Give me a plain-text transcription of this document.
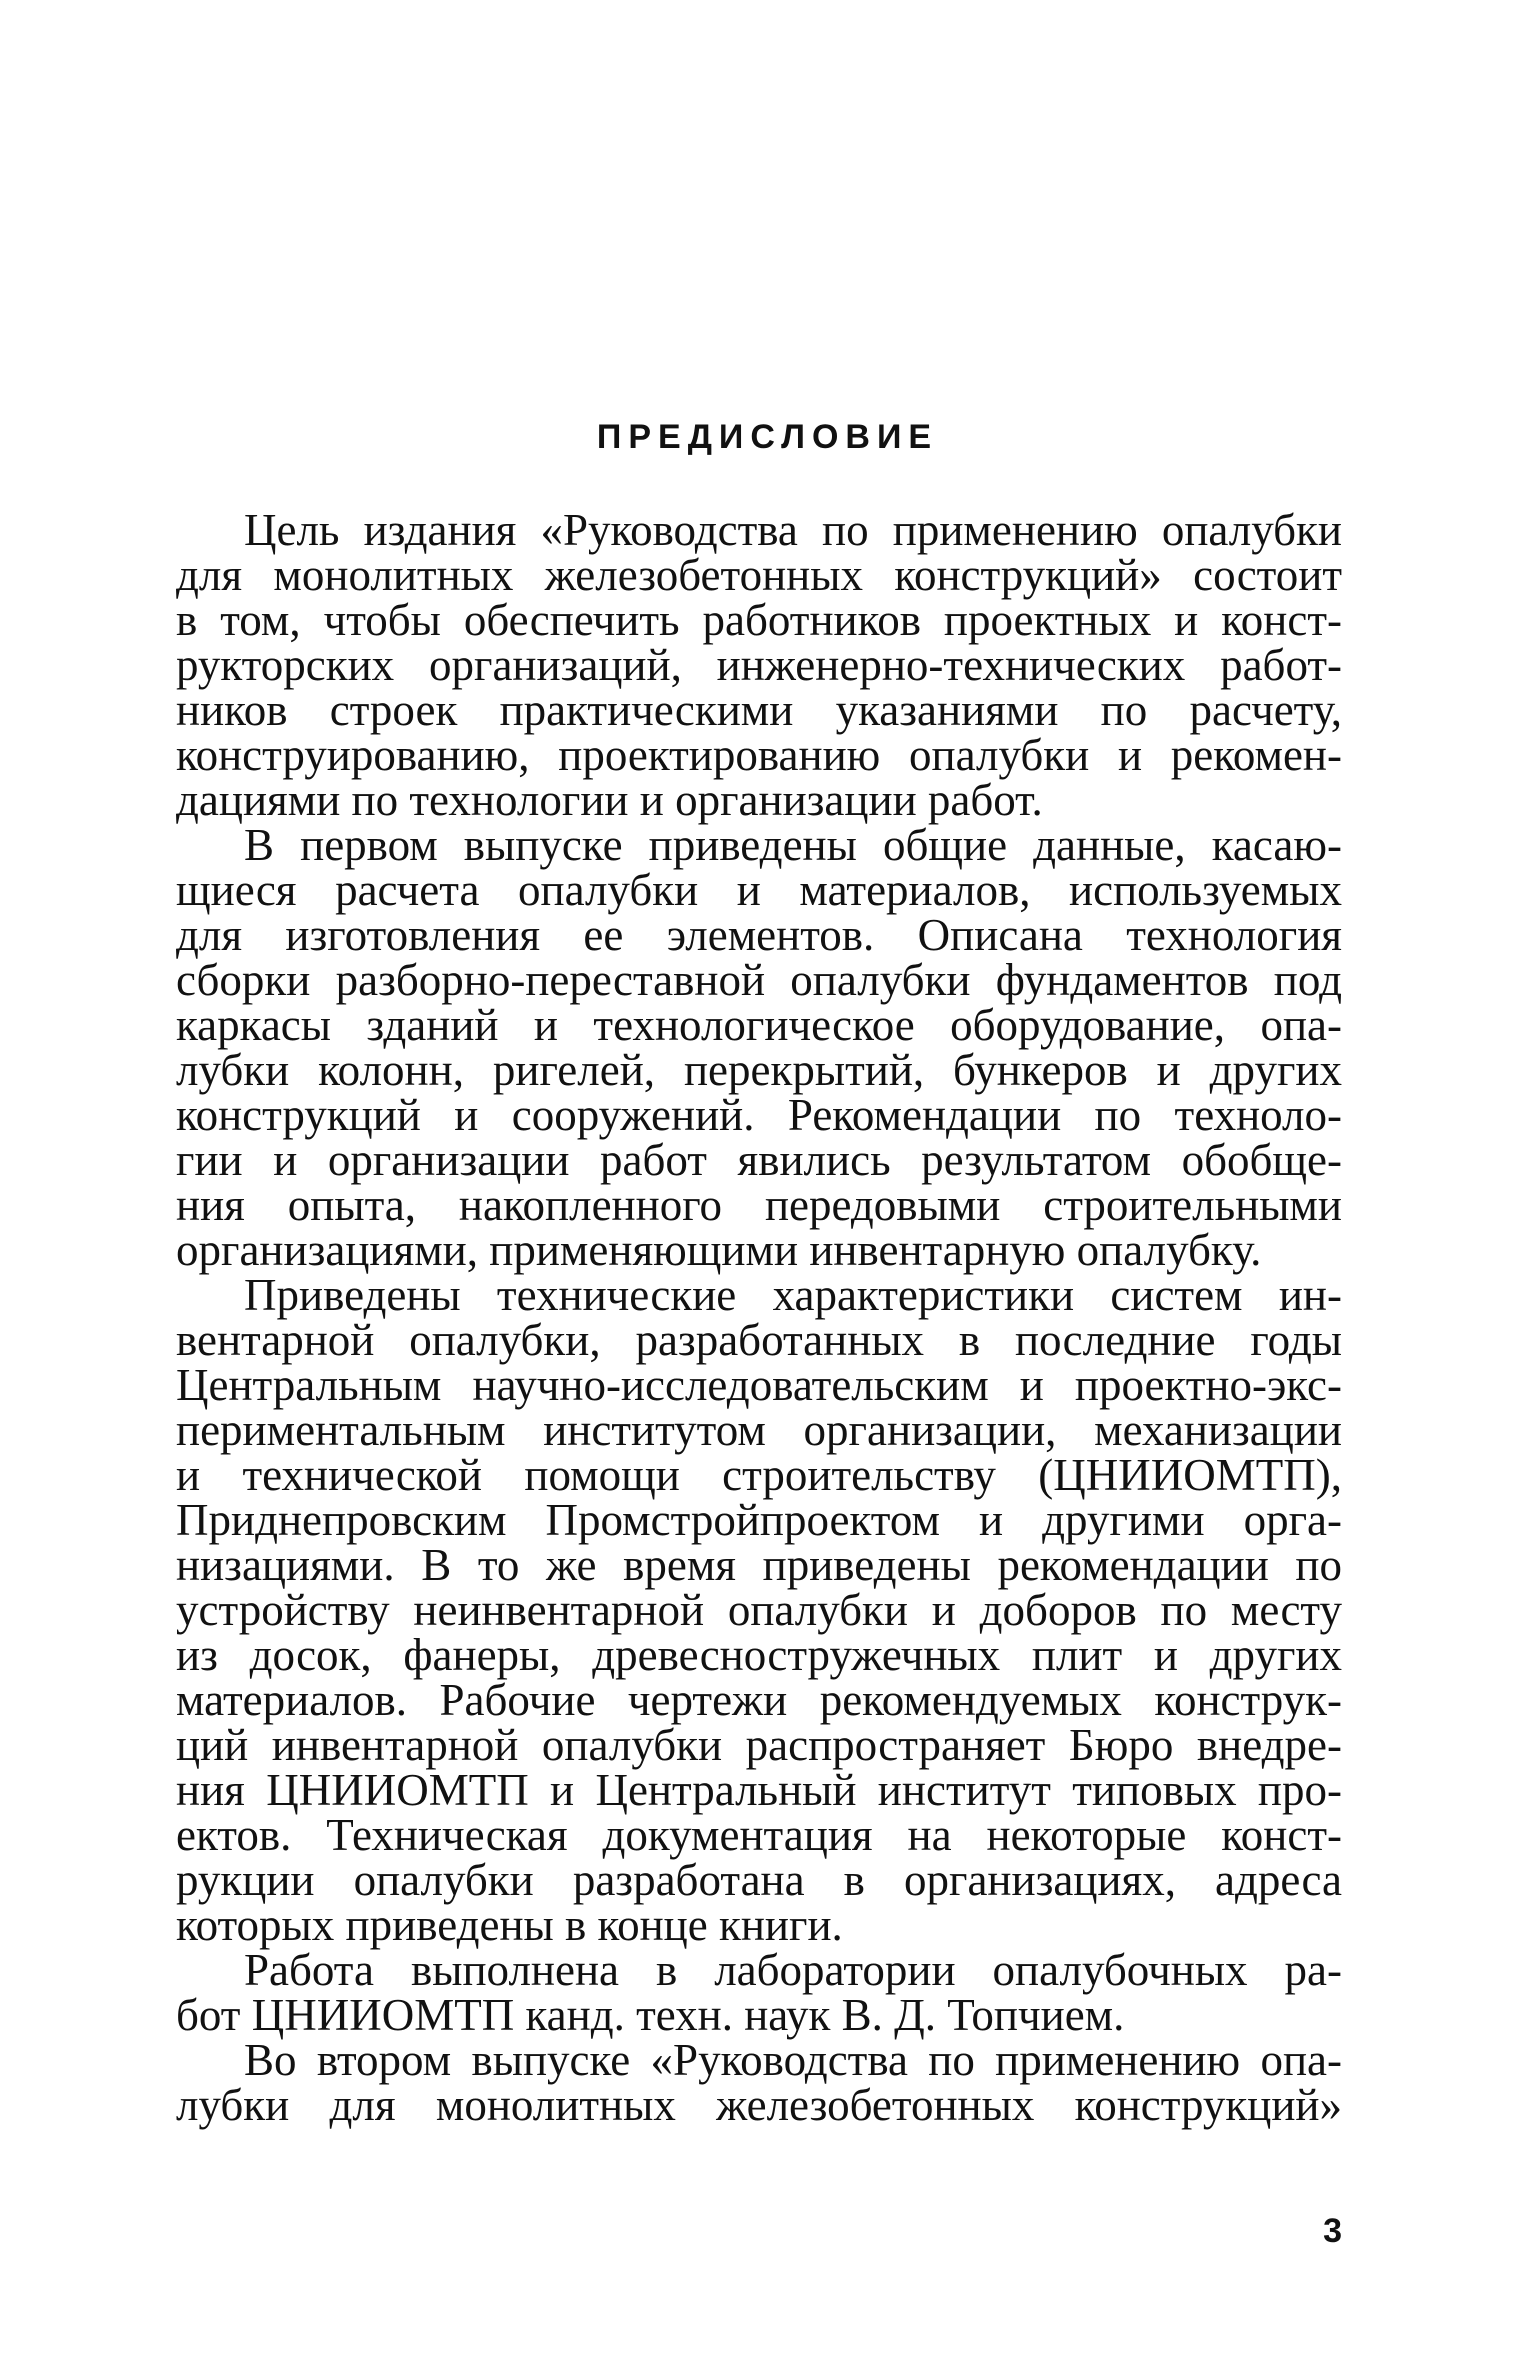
ПРЕДИСЛОВИЕ
Цель издания «Руководства по применению опалубки
для монолитных железобетонных конструкций» состоит
в том, чтобы обеспечить работников проектных и конст-
рукторских организаций, инженерно-технических работ-
ников строек практическими указаниями по расчету,
конструированию, проектированию опалубки и рекомен-
дациями по технологии и организации работ.
В первом выпуске приведены общие данные, касаю-
щиеся расчета опалубки и материалов, используемых
для изготовления ее элементов. Описана технология
сборки разборно-переставной опалубки фундаментов под
каркасы зданий и технологическое оборудование, опа-
лубки колонн, ригелей, перекрытий, бункеров и других
конструкций и сооружений. Рекомендации по техноло-
гии и организации работ явились результатом обобще-
ния опыта, накопленного передовыми строительными
организациями, применяющими инвентарную опалубку.
Приведены технические характеристики систем ин-
вентарной опалубки, разработанных в последние годы
Центральным научно-исследовательским и проектно-экс-
периментальным институтом организации, механизации
и технической помощи строительству (ЦНИИОМТП),
Приднепровским Промстройпроектом и другими орга-
низациями. В то же время приведены рекомендации по
устройству неинвентарной опалубки и доборов по месту
из досок, фанеры, древесностружечных плит и других
материалов. Рабочие чертежи рекомендуемых конструк-
ций инвентарной опалубки распространяет Бюро внедре-
ния ЦНИИОМТП и Центральный институт типовых про-
ектов. Техническая документация на некоторые конст-
рукции опалубки разработана в организациях, адреса
которых приведены в конце книги.
Работа выполнена в лаборатории опалубочных ра-
бот ЦНИИОМТП канд. техн. наук В. Д. Топчием.
Во втором выпуске «Руководства по применению опа-
лубки для монолитных железобетонных конструкций»
3
